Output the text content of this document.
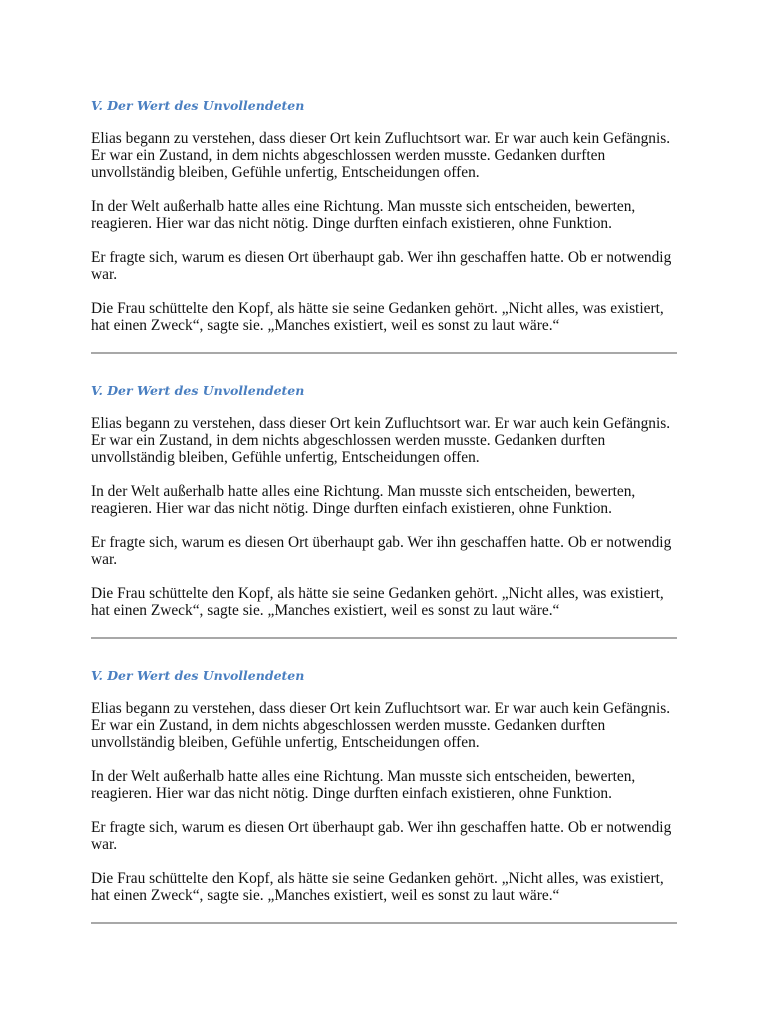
V. Der Wert des Unvollendeten

Elias begann zu verstehen, dass dieser Ort kein Zufluchtsort war. Er war auch kein Gefängnis. Er war ein Zustand, in dem nichts abgeschlossen werden musste. Gedanken durften unvollständig bleiben, Gefühle unfertig, Entscheidungen offen.

In der Welt außerhalb hatte alles eine Richtung. Man musste sich entscheiden, bewerten, reagieren. Hier war das nicht nötig. Dinge durften einfach existieren, ohne Funktion.

Er fragte sich, warum es diesen Ort überhaupt gab. Wer ihn geschaffen hatte. Ob er notwendig war.

Die Frau schüttelte den Kopf, als hätte sie seine Gedanken gehört. „Nicht alles, was existiert, hat einen Zweck“, sagte sie. „Manches existiert, weil es sonst zu laut wäre.“

V. Der Wert des Unvollendeten

Elias begann zu verstehen, dass dieser Ort kein Zufluchtsort war. Er war auch kein Gefängnis. Er war ein Zustand, in dem nichts abgeschlossen werden musste. Gedanken durften unvollständig bleiben, Gefühle unfertig, Entscheidungen offen.

In der Welt außerhalb hatte alles eine Richtung. Man musste sich entscheiden, bewerten, reagieren. Hier war das nicht nötig. Dinge durften einfach existieren, ohne Funktion.

Er fragte sich, warum es diesen Ort überhaupt gab. Wer ihn geschaffen hatte. Ob er notwendig war.

Die Frau schüttelte den Kopf, als hätte sie seine Gedanken gehört. „Nicht alles, was existiert, hat einen Zweck“, sagte sie. „Manches existiert, weil es sonst zu laut wäre.“

V. Der Wert des Unvollendeten

Elias begann zu verstehen, dass dieser Ort kein Zufluchtsort war. Er war auch kein Gefängnis. Er war ein Zustand, in dem nichts abgeschlossen werden musste. Gedanken durften unvollständig bleiben, Gefühle unfertig, Entscheidungen offen.

In der Welt außerhalb hatte alles eine Richtung. Man musste sich entscheiden, bewerten, reagieren. Hier war das nicht nötig. Dinge durften einfach existieren, ohne Funktion.

Er fragte sich, warum es diesen Ort überhaupt gab. Wer ihn geschaffen hatte. Ob er notwendig war.

Die Frau schüttelte den Kopf, als hätte sie seine Gedanken gehört. „Nicht alles, was existiert, hat einen Zweck“, sagte sie. „Manches existiert, weil es sonst zu laut wäre.“
